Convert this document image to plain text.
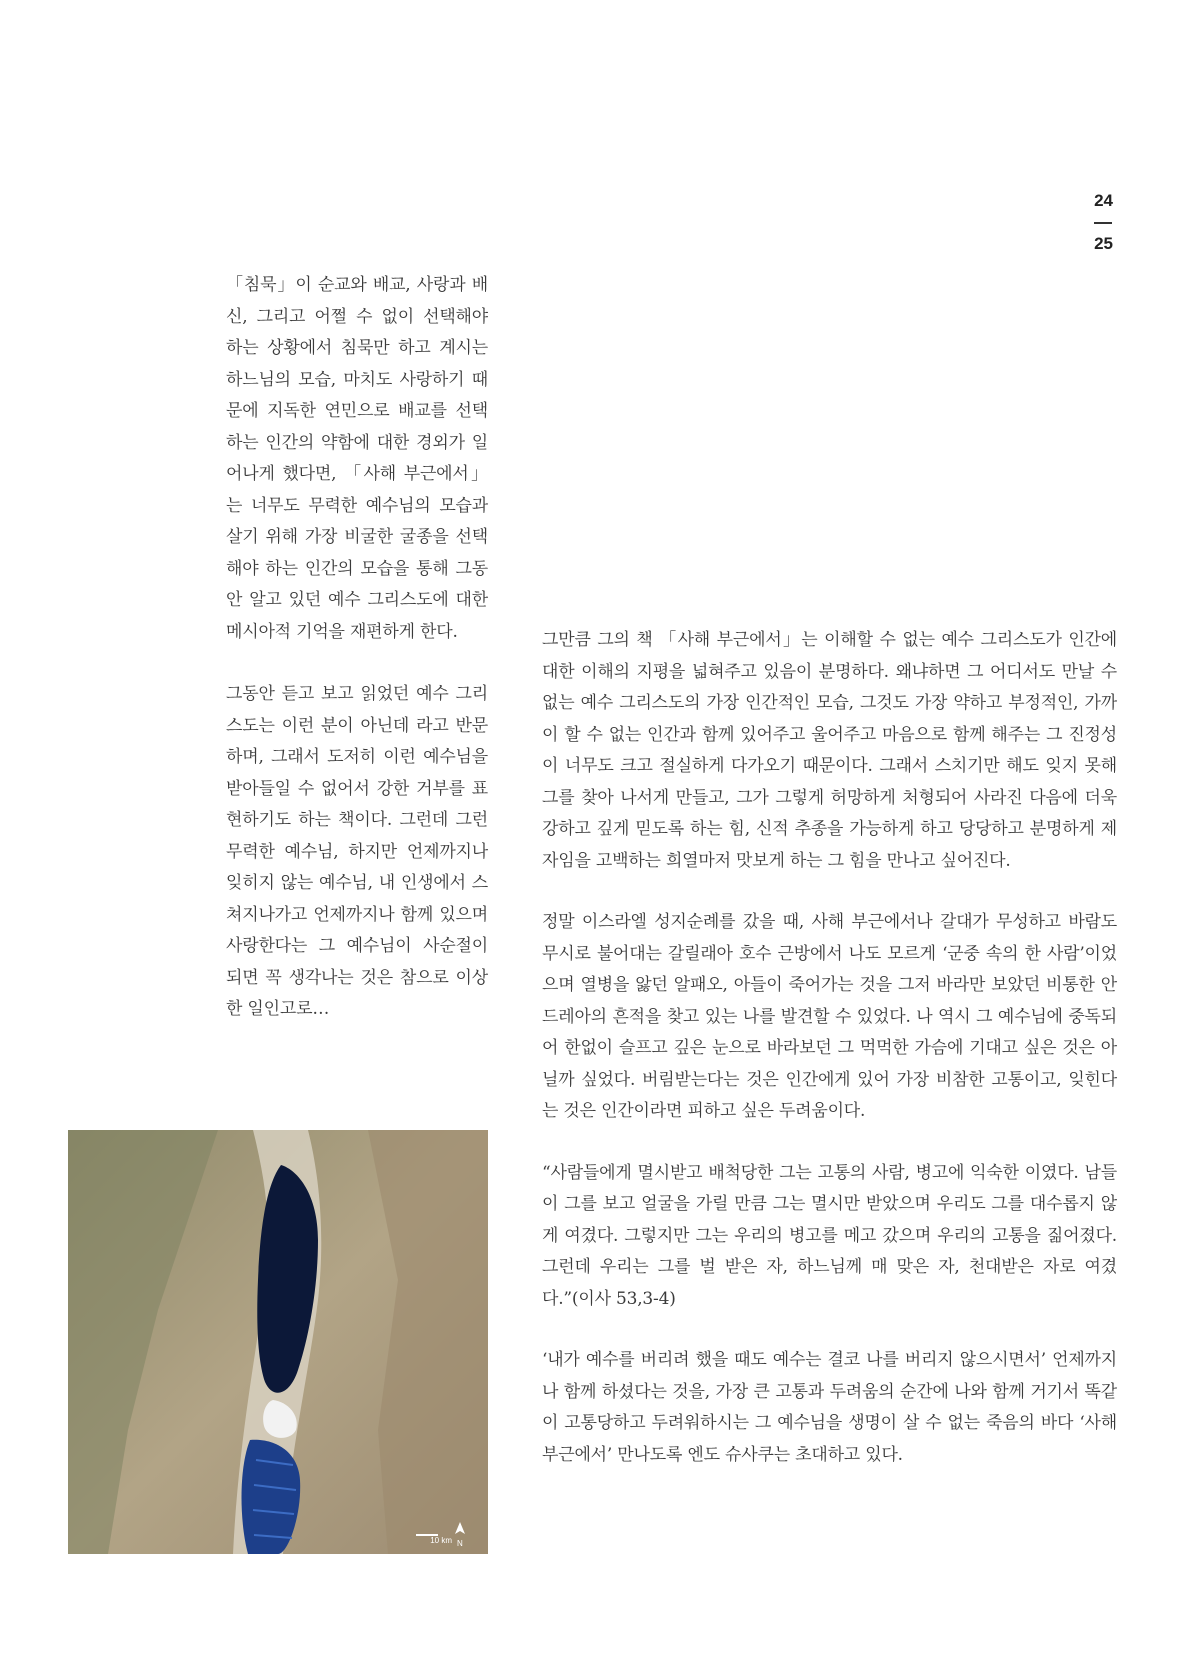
24
25

「침묵」이 순교와 배교, 사랑과 배신, 그리고 어쩔 수 없이 선택해야 하는 상황에서 침묵만 하고 계시는 하느님의 모습, 마치도 사랑하기 때문에 지독한 연민으로 배교를 선택하는 인간의 약함에 대한 경외가 일어나게 했다면, 「사해 부근에서」는 너무도 무력한 예수님의 모습과 살기 위해 가장 비굴한 굴종을 선택해야 하는 인간의 모습을 통해 그동안 알고 있던 예수 그리스도에 대한 메시아적 기억을 재편하게 한다.

그동안 듣고 보고 읽었던 예수 그리스도는 이런 분이 아닌데 라고 반문하며, 그래서 도저히 이런 예수님을 받아들일 수 없어서 강한 거부를 표현하기도 하는 책이다. 그런데 그런 무력한 예수님, 하지만 언제까지나 잊히지 않는 예수님, 내 인생에서 스쳐지나가고 언제까지나 함께 있으며 사랑한다는 그 예수님이 사순절이 되면 꼭 생각나는 것은 참으로 이상한 일인고로…

그만큼 그의 책 「사해 부근에서」는 이해할 수 없는 예수 그리스도가 인간에 대한 이해의 지평을 넓혀주고 있음이 분명하다. 왜냐하면 그 어디서도 만날 수 없는 예수 그리스도의 가장 인간적인 모습, 그것도 가장 약하고 부정적인, 가까이 할 수 없는 인간과 함께 있어주고 울어주고 마음으로 함께 해주는 그 진정성이 너무도 크고 절실하게 다가오기 때문이다. 그래서 스치기만 해도 잊지 못해 그를 찾아 나서게 만들고, 그가 그렇게 허망하게 처형되어 사라진 다음에 더욱 강하고 깊게 믿도록 하는 힘, 신적 추종을 가능하게 하고 당당하고 분명하게 제자임을 고백하는 희열마저 맛보게 하는 그 힘을 만나고 싶어진다.

정말 이스라엘 성지순례를 갔을 때, 사해 부근에서나 갈대가 무성하고 바람도 무시로 불어대는 갈릴래아 호수 근방에서 나도 모르게 ‘군중 속의 한 사람’이었으며 열병을 앓던 알패오, 아들이 죽어가는 것을 그저 바라만 보았던 비통한 안드레아의 흔적을 찾고 있는 나를 발견할 수 있었다. 나 역시 그 예수님에 중독되어 한없이 슬프고 깊은 눈으로 바라보던 그 먹먹한 가슴에 기대고 싶은 것은 아닐까 싶었다. 버림받는다는 것은 인간에게 있어 가장 비참한 고통이고, 잊힌다는 것은 인간이라면 피하고 싶은 두려움이다.

“사람들에게 멸시받고 배척당한 그는 고통의 사람, 병고에 익숙한 이였다. 남들이 그를 보고 얼굴을 가릴 만큼 그는 멸시만 받았으며 우리도 그를 대수롭지 않게 여겼다. 그렇지만 그는 우리의 병고를 메고 갔으며 우리의 고통을 짊어졌다. 그런데 우리는 그를 벌 받은 자, 하느님께 매 맞은 자, 천대받은 자로 여겼다.”(이사 53,3-4)

‘내가 예수를 버리려 했을 때도 예수는 결코 나를 버리지 않으시면서’ 언제까지나 함께 하셨다는 것을, 가장 큰 고통과 두려움의 순간에 나와 함께 거기서 똑같이 고통당하고 두려워하시는 그 예수님을 생명이 살 수 없는 죽음의 바다 ‘사해 부근에서’ 만나도록 엔도 슈사쿠는 초대하고 있다.

N
10 km
